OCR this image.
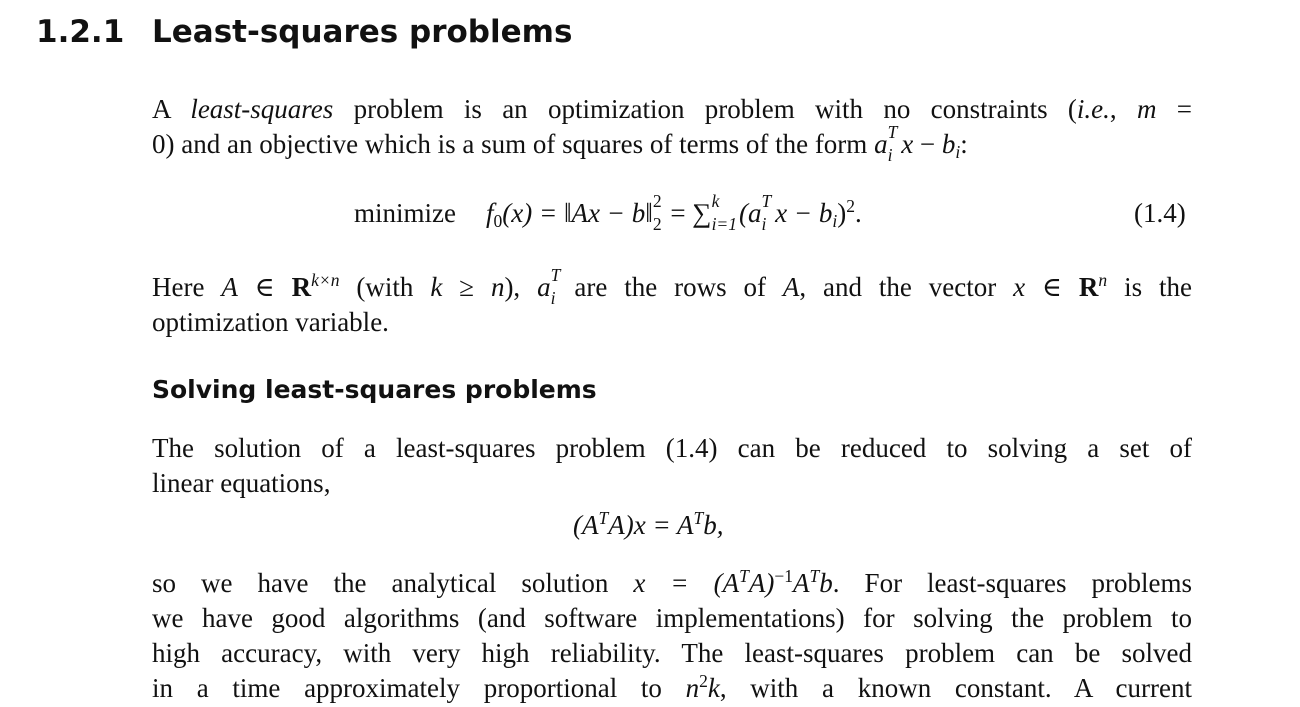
1.2.1 Least-squares problems
A least-squares problem is an optimization problem with no constraints (i.e., m =
0) and an objective which is a sum of squares of terms of the form a T
i $x - b_i$:
minimize $f_0(x)$ = ‖Ax − b‖ 2
2 = ∑ k
i=1(a T
i $x - b_i)^2$.	(1.4)
Here A ∈ $R^{k\times n}$ (with k ≥ n), a T
i are the rows of A, and the vector x ∈ $R^n$ is the
optimization variable.
Solving least-squares problems
The solution of a least-squares problem (1.4) can be reduced to solving a set of
linear equations,
$(A^TA)x = A^Tb$,
so we have the analytical solution $x = (A^TA)^{-1}A^Tb$. For least-squares problems
we have good algorithms (and software implementations) for solving the problem to
high accuracy, with very high reliability. The least-squares problem can be solved
in a time approximately proportional to $n^2k$, with a known constant. A current
